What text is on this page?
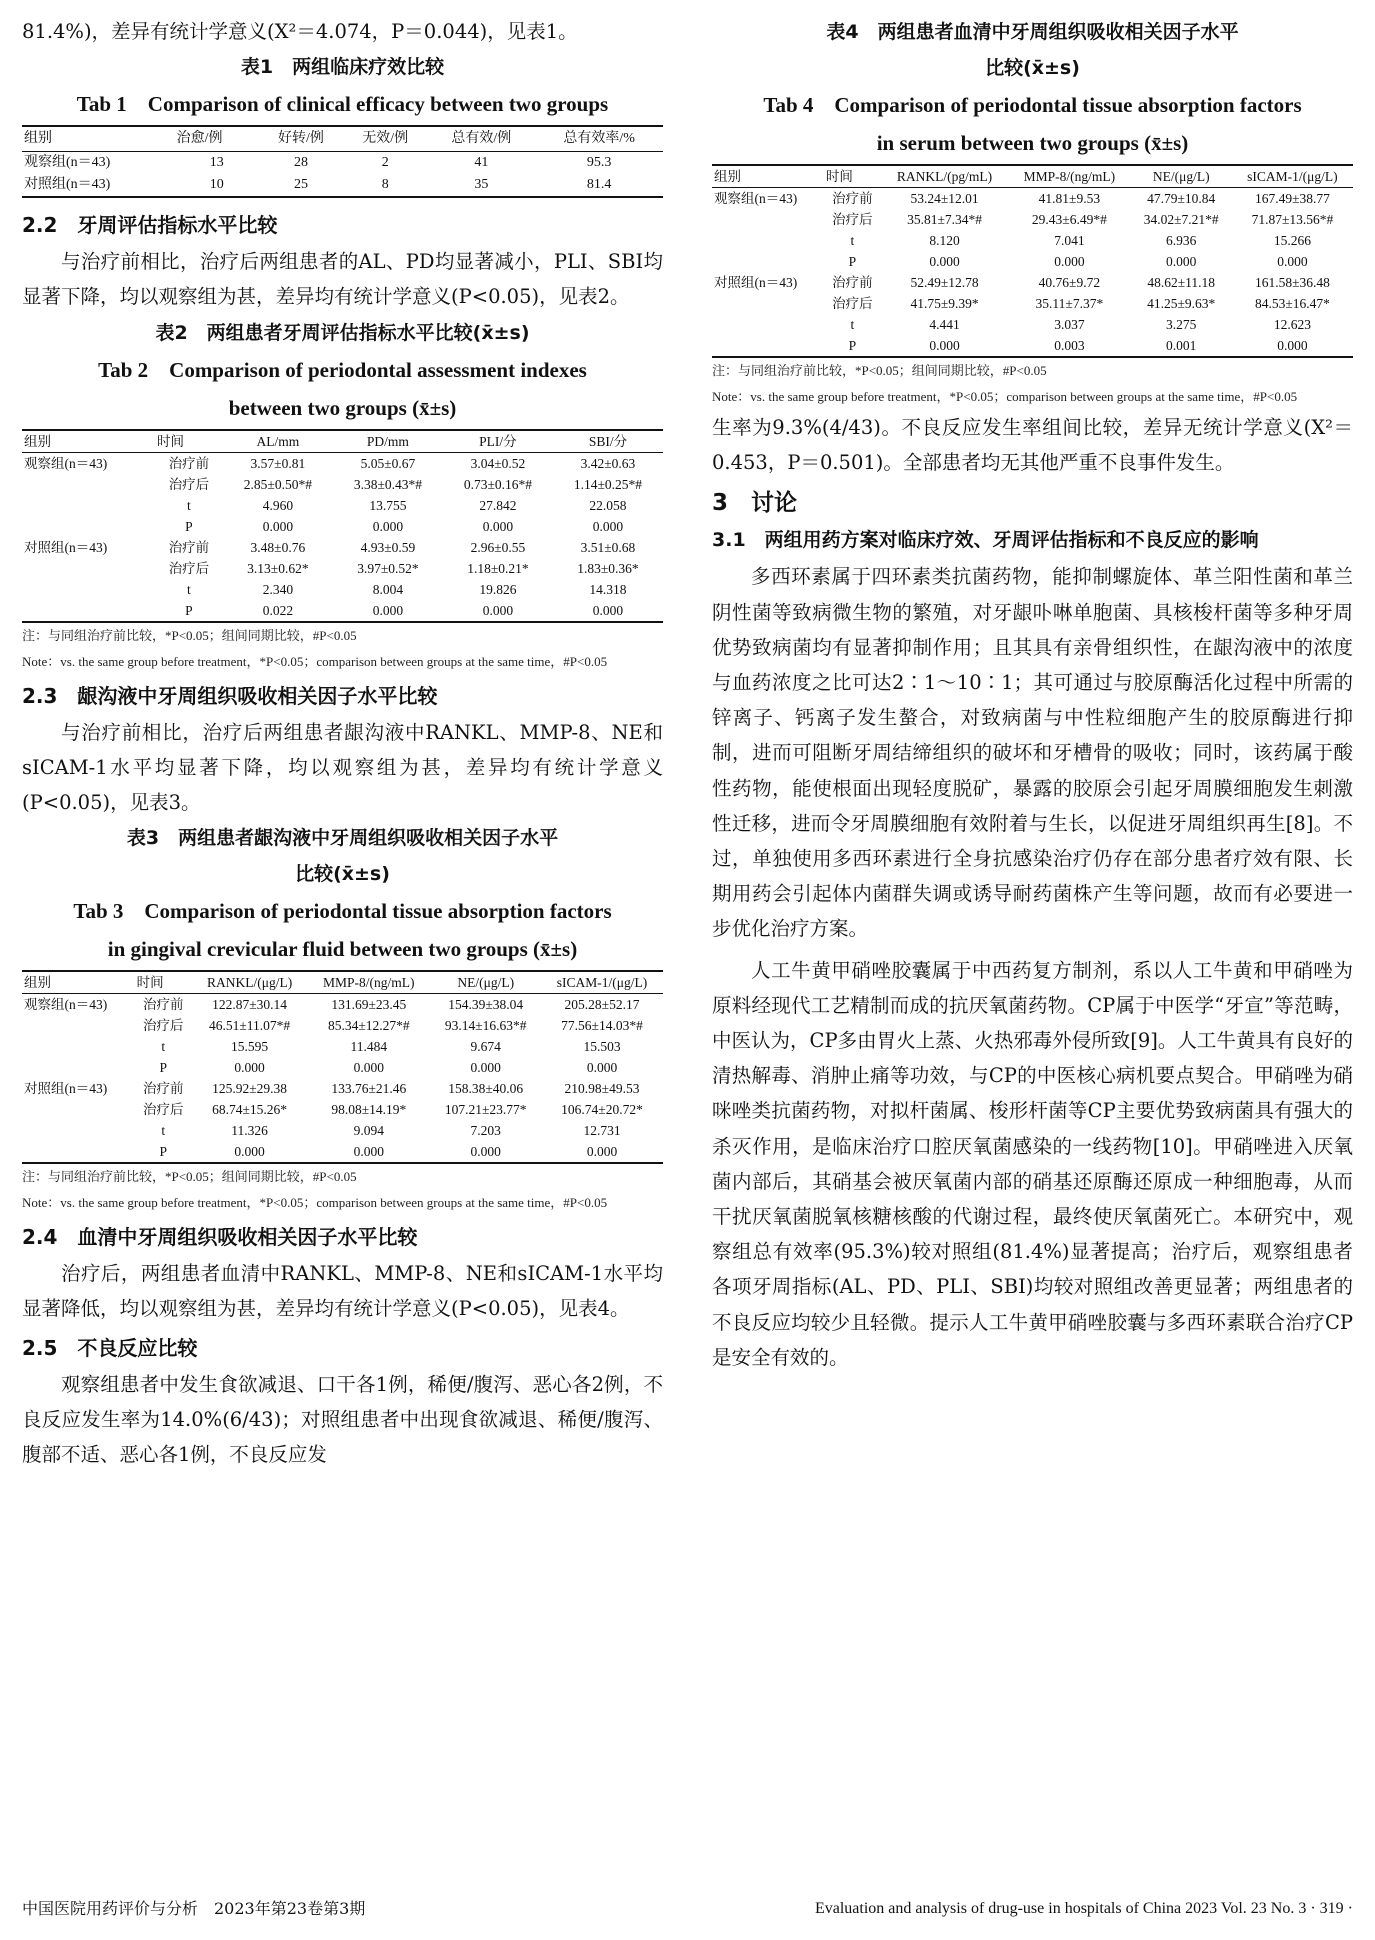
81.4%)，差异有统计学意义(X²＝4.074，P＝0.044)，见表1。

表1　两组临床疗效比较

Tab 1　Comparison of clinical efficacy between two groups

组别	治愈/例	好转/例	无效/例	总有效/例	总有效率/%
观察组(n＝43)	13	28	2	41	95.3
对照组(n＝43)	10	25	8	35	81.4
2.2　牙周评估指标水平比较

与治疗前相比，治疗后两组患者的AL、PD均显著减小，PLI、SBI均显著下降，均以观察组为甚，差异均有统计学意义(P<0.05)，见表2。

表2　两组患者牙周评估指标水平比较(x̄±s)

Tab 2　Comparison of periodontal assessment indexes

between two groups (x̄±s)

组别	时间	AL/mm	PD/mm	PLI/分	SBI/分
观察组(n＝43)	治疗前	3.57±0.81	5.05±0.67	3.04±0.52	3.42±0.63
	治疗后	2.85±0.50*#	3.38±0.43*#	0.73±0.16*#	1.14±0.25*#
	t	4.960	13.755	27.842	22.058
	P	0.000	0.000	0.000	0.000
对照组(n＝43)	治疗前	3.48±0.76	4.93±0.59	2.96±0.55	3.51±0.68
	治疗后	3.13±0.62*	3.97±0.52*	1.18±0.21*	1.83±0.36*
	t	2.340	8.004	19.826	14.318
	P	0.022	0.000	0.000	0.000

注：与同组治疗前比较，*P<0.05；组间同期比较，#P<0.05

Note：vs. the same group before treatment，*P<0.05；comparison between groups at the same time，#P<0.05

2.3　龈沟液中牙周组织吸收相关因子水平比较

与治疗前相比，治疗后两组患者龈沟液中RANKL、MMP-8、NE和sICAM-1水平均显著下降，均以观察组为甚，差异均有统计学意义(P<0.05)，见表3。

表3　两组患者龈沟液中牙周组织吸收相关因子水平

比较(x̄±s)

Tab 3　Comparison of periodontal tissue absorption factors

in gingival crevicular fluid between two groups (x̄±s)

组别	时间	RANKL/(μg/L)	MMP-8/(ng/mL)	NE/(μg/L)	sICAM-1/(μg/L)
观察组(n＝43)	治疗前	122.87±30.14	131.69±23.45	154.39±38.04	205.28±52.17
	治疗后	46.51±11.07*#	85.34±12.27*#	93.14±16.63*#	77.56±14.03*#
	t	15.595	11.484	9.674	15.503
	P	0.000	0.000	0.000	0.000
对照组(n＝43)	治疗前	125.92±29.38	133.76±21.46	158.38±40.06	210.98±49.53
	治疗后	68.74±15.26*	98.08±14.19*	107.21±23.77*	106.74±20.72*
	t	11.326	9.094	7.203	12.731
	P	0.000	0.000	0.000	0.000

注：与同组治疗前比较，*P<0.05；组间同期比较，#P<0.05

Note：vs. the same group before treatment，*P<0.05；comparison between groups at the same time，#P<0.05

2.4　血清中牙周组织吸收相关因子水平比较

治疗后，两组患者血清中RANKL、MMP-8、NE和sICAM-1水平均显著降低，均以观察组为甚，差异均有统计学意义(P<0.05)，见表4。

2.5　不良反应比较

观察组患者中发生食欲减退、口干各1例，稀便/腹泻、恶心各2例，不良反应发生率为14.0%(6/43)；对照组患者中出现食欲减退、稀便/腹泻、腹部不适、恶心各1例，不良反应发

表4　两组患者血清中牙周组织吸收相关因子水平

比较(x̄±s)

Tab 4　Comparison of periodontal tissue absorption factors

in serum between two groups (x̄±s)

组别	时间	RANKL/(pg/mL)	MMP-8/(ng/mL)	NE/(μg/L)	sICAM-1/(μg/L)
观察组(n＝43)	治疗前	53.24±12.01	41.81±9.53	47.79±10.84	167.49±38.77
	治疗后	35.81±7.34*#	29.43±6.49*#	34.02±7.21*#	71.87±13.56*#
	t	8.120	7.041	6.936	15.266
	P	0.000	0.000	0.000	0.000
对照组(n＝43)	治疗前	52.49±12.78	40.76±9.72	48.62±11.18	161.58±36.48
	治疗后	41.75±9.39*	35.11±7.37*	41.25±9.63*	84.53±16.47*
	t	4.441	3.037	3.275	12.623
	P	0.000	0.003	0.001	0.000

注：与同组治疗前比较，*P<0.05；组间同期比较，#P<0.05

Note：vs. the same group before treatment，*P<0.05；comparison between groups at the same time，#P<0.05

生率为9.3%(4/43)。不良反应发生率组间比较，差异无统计学意义(X²＝0.453，P＝0.501)。全部患者均无其他严重不良事件发生。

3　讨论
3.1　两组用药方案对临床疗效、牙周评估指标和不良反应的影响

多西环素属于四环素类抗菌药物，能抑制螺旋体、革兰阳性菌和革兰阴性菌等致病微生物的繁殖，对牙龈卟啉单胞菌、具核梭杆菌等多种牙周优势致病菌均有显著抑制作用；且其具有亲骨组织性，在龈沟液中的浓度与血药浓度之比可达2∶1～10∶1；其可通过与胶原酶活化过程中所需的锌离子、钙离子发生螯合，对致病菌与中性粒细胞产生的胶原酶进行抑制，进而可阻断牙周结缔组织的破坏和牙槽骨的吸收；同时，该药属于酸性药物，能使根面出现轻度脱矿，暴露的胶原会引起牙周膜细胞发生刺激性迁移，进而令牙周膜细胞有效附着与生长，以促进牙周组织再生[8]。不过，单独使用多西环素进行全身抗感染治疗仍存在部分患者疗效有限、长期用药会引起体内菌群失调或诱导耐药菌株产生等问题，故而有必要进一步优化治疗方案。

人工牛黄甲硝唑胶囊属于中西药复方制剂，系以人工牛黄和甲硝唑为原料经现代工艺精制而成的抗厌氧菌药物。CP属于中医学“牙宣”等范畴，中医认为，CP多由胃火上蒸、火热邪毒外侵所致[9]。人工牛黄具有良好的清热解毒、消肿止痛等功效，与CP的中医核心病机要点契合。甲硝唑为硝咪唑类抗菌药物，对拟杆菌属、梭形杆菌等CP主要优势致病菌具有强大的杀灭作用，是临床治疗口腔厌氧菌感染的一线药物[10]。甲硝唑进入厌氧菌内部后，其硝基会被厌氧菌内部的硝基还原酶还原成一种细胞毒，从而干扰厌氧菌脱氧核糖核酸的代谢过程，最终使厌氧菌死亡。本研究中，观察组总有效率(95.3%)较对照组(81.4%)显著提高；治疗后，观察组患者各项牙周指标(AL、PD、PLI、SBI)均较对照组改善更显著；两组患者的不良反应均较少且轻微。提示人工牛黄甲硝唑胶囊与多西环素联合治疗CP是安全有效的。

中国医院用药评价与分析　2023年第23卷第3期	Evaluation and analysis of drug-use in hospitals of China 2023 Vol. 23 No. 3 · 319 ·
